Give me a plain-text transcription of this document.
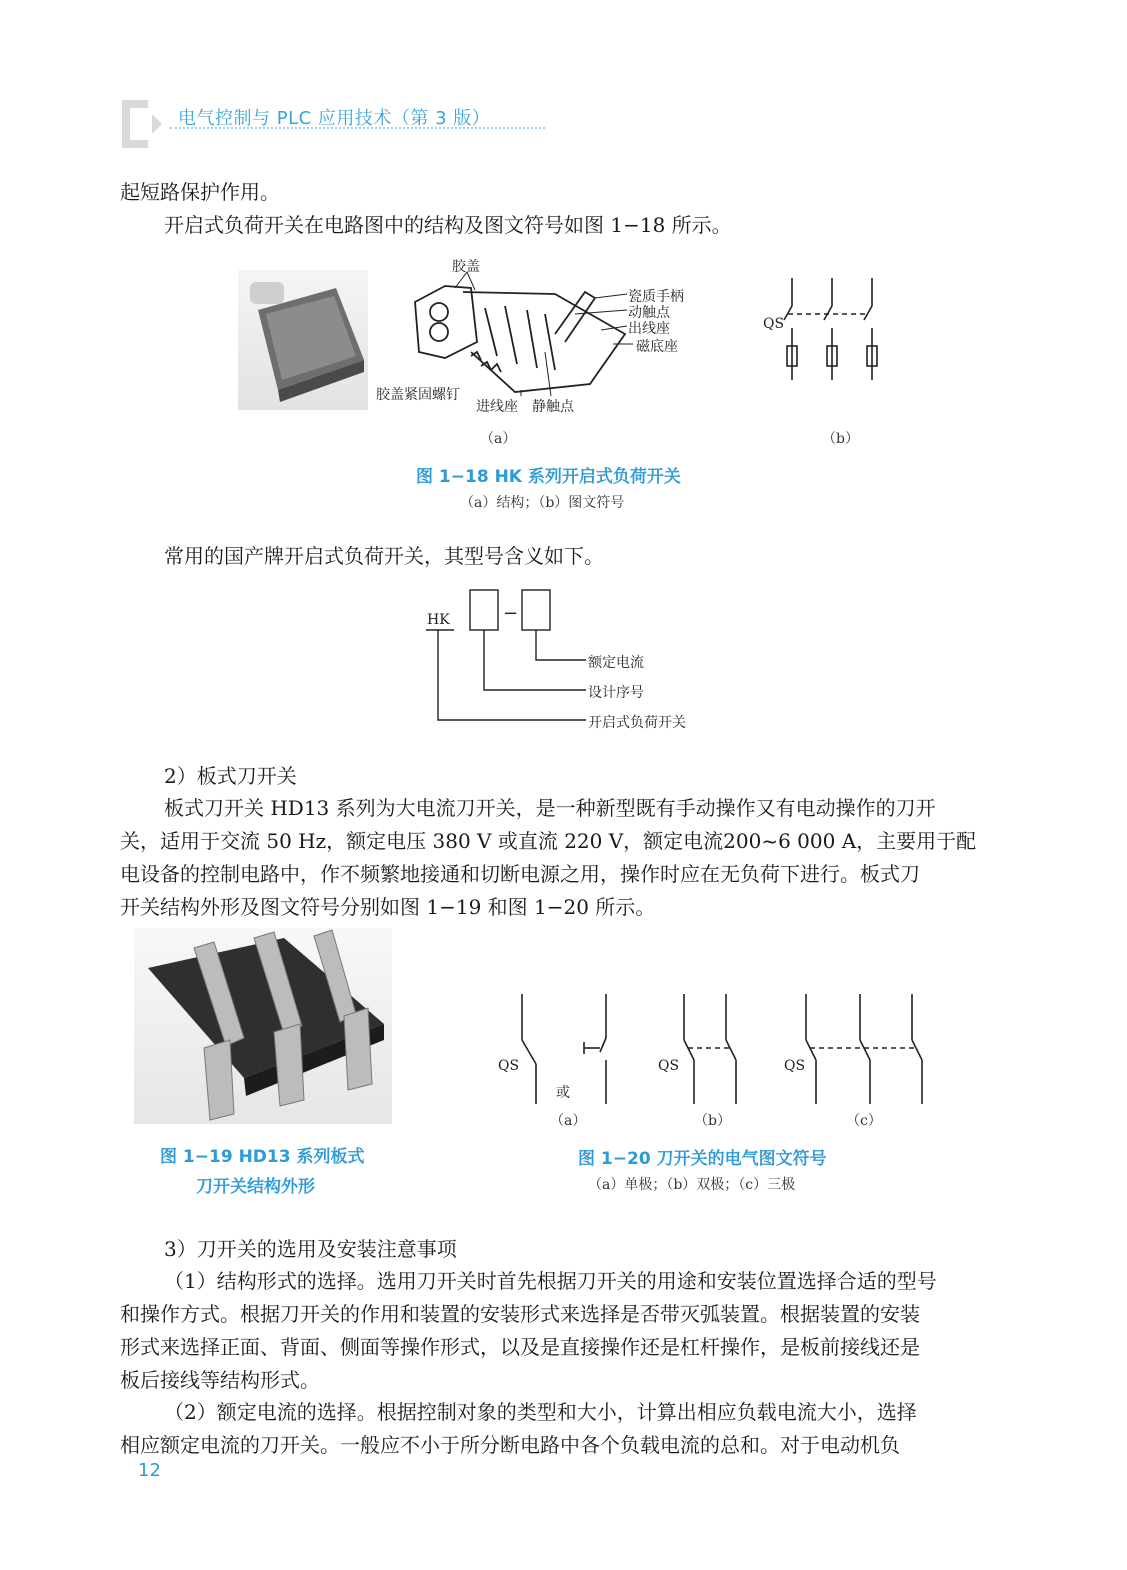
电气控制与 PLC 应用技术（第 3 版）
起短路保护作用。
开启式负荷开关在电路图中的结构及图文符号如图 1−18 所示。
胶盖
瓷质手柄
动触点
出线座
磁底座
胶盖紧固螺钉
进线座 静触点
QS
（a）	（b）
图 1−18 HK 系列开启式负荷开关
（a）结构；（b）图文符号
常用的国产牌开启式负荷开关，其型号含义如下。
HK	−
额定电流
设计序号
开启式负荷开关
2）板式刀开关
板式刀开关 HD13 系列为大电流刀开关，是一种新型既有手动操作又有电动操作的刀开
关，适用于交流 50 Hz，额定电压 380 V 或直流 220 V，额定电流200~6 000 A，主要用于配
电设备的控制电路中，作不频繁地接通和切断电源之用，操作时应在无负荷下进行。板式刀
开关结构外形及图文符号分别如图 1−19 和图 1−20 所示。
图 1−19 HD13 系列板式
刀开关结构外形
QS
或
QS	QS
（a）	（b）	（c）
图 1−20 刀开关的电气图文符号
（a）单极；（b）双极；（c）三极
3）刀开关的选用及安装注意事项
（1）结构形式的选择。选用刀开关时首先根据刀开关的用途和安装位置选择合适的型号
和操作方式。根据刀开关的作用和装置的安装形式来选择是否带灭弧装置。根据装置的安装
形式来选择正面、背面、侧面等操作形式，以及是直接操作还是杠杆操作，是板前接线还是
板后接线等结构形式。
（2）额定电流的选择。根据控制对象的类型和大小，计算出相应负载电流大小，选择
相应额定电流的刀开关。一般应不小于所分断电路中各个负载电流的总和。对于电动机负
12
